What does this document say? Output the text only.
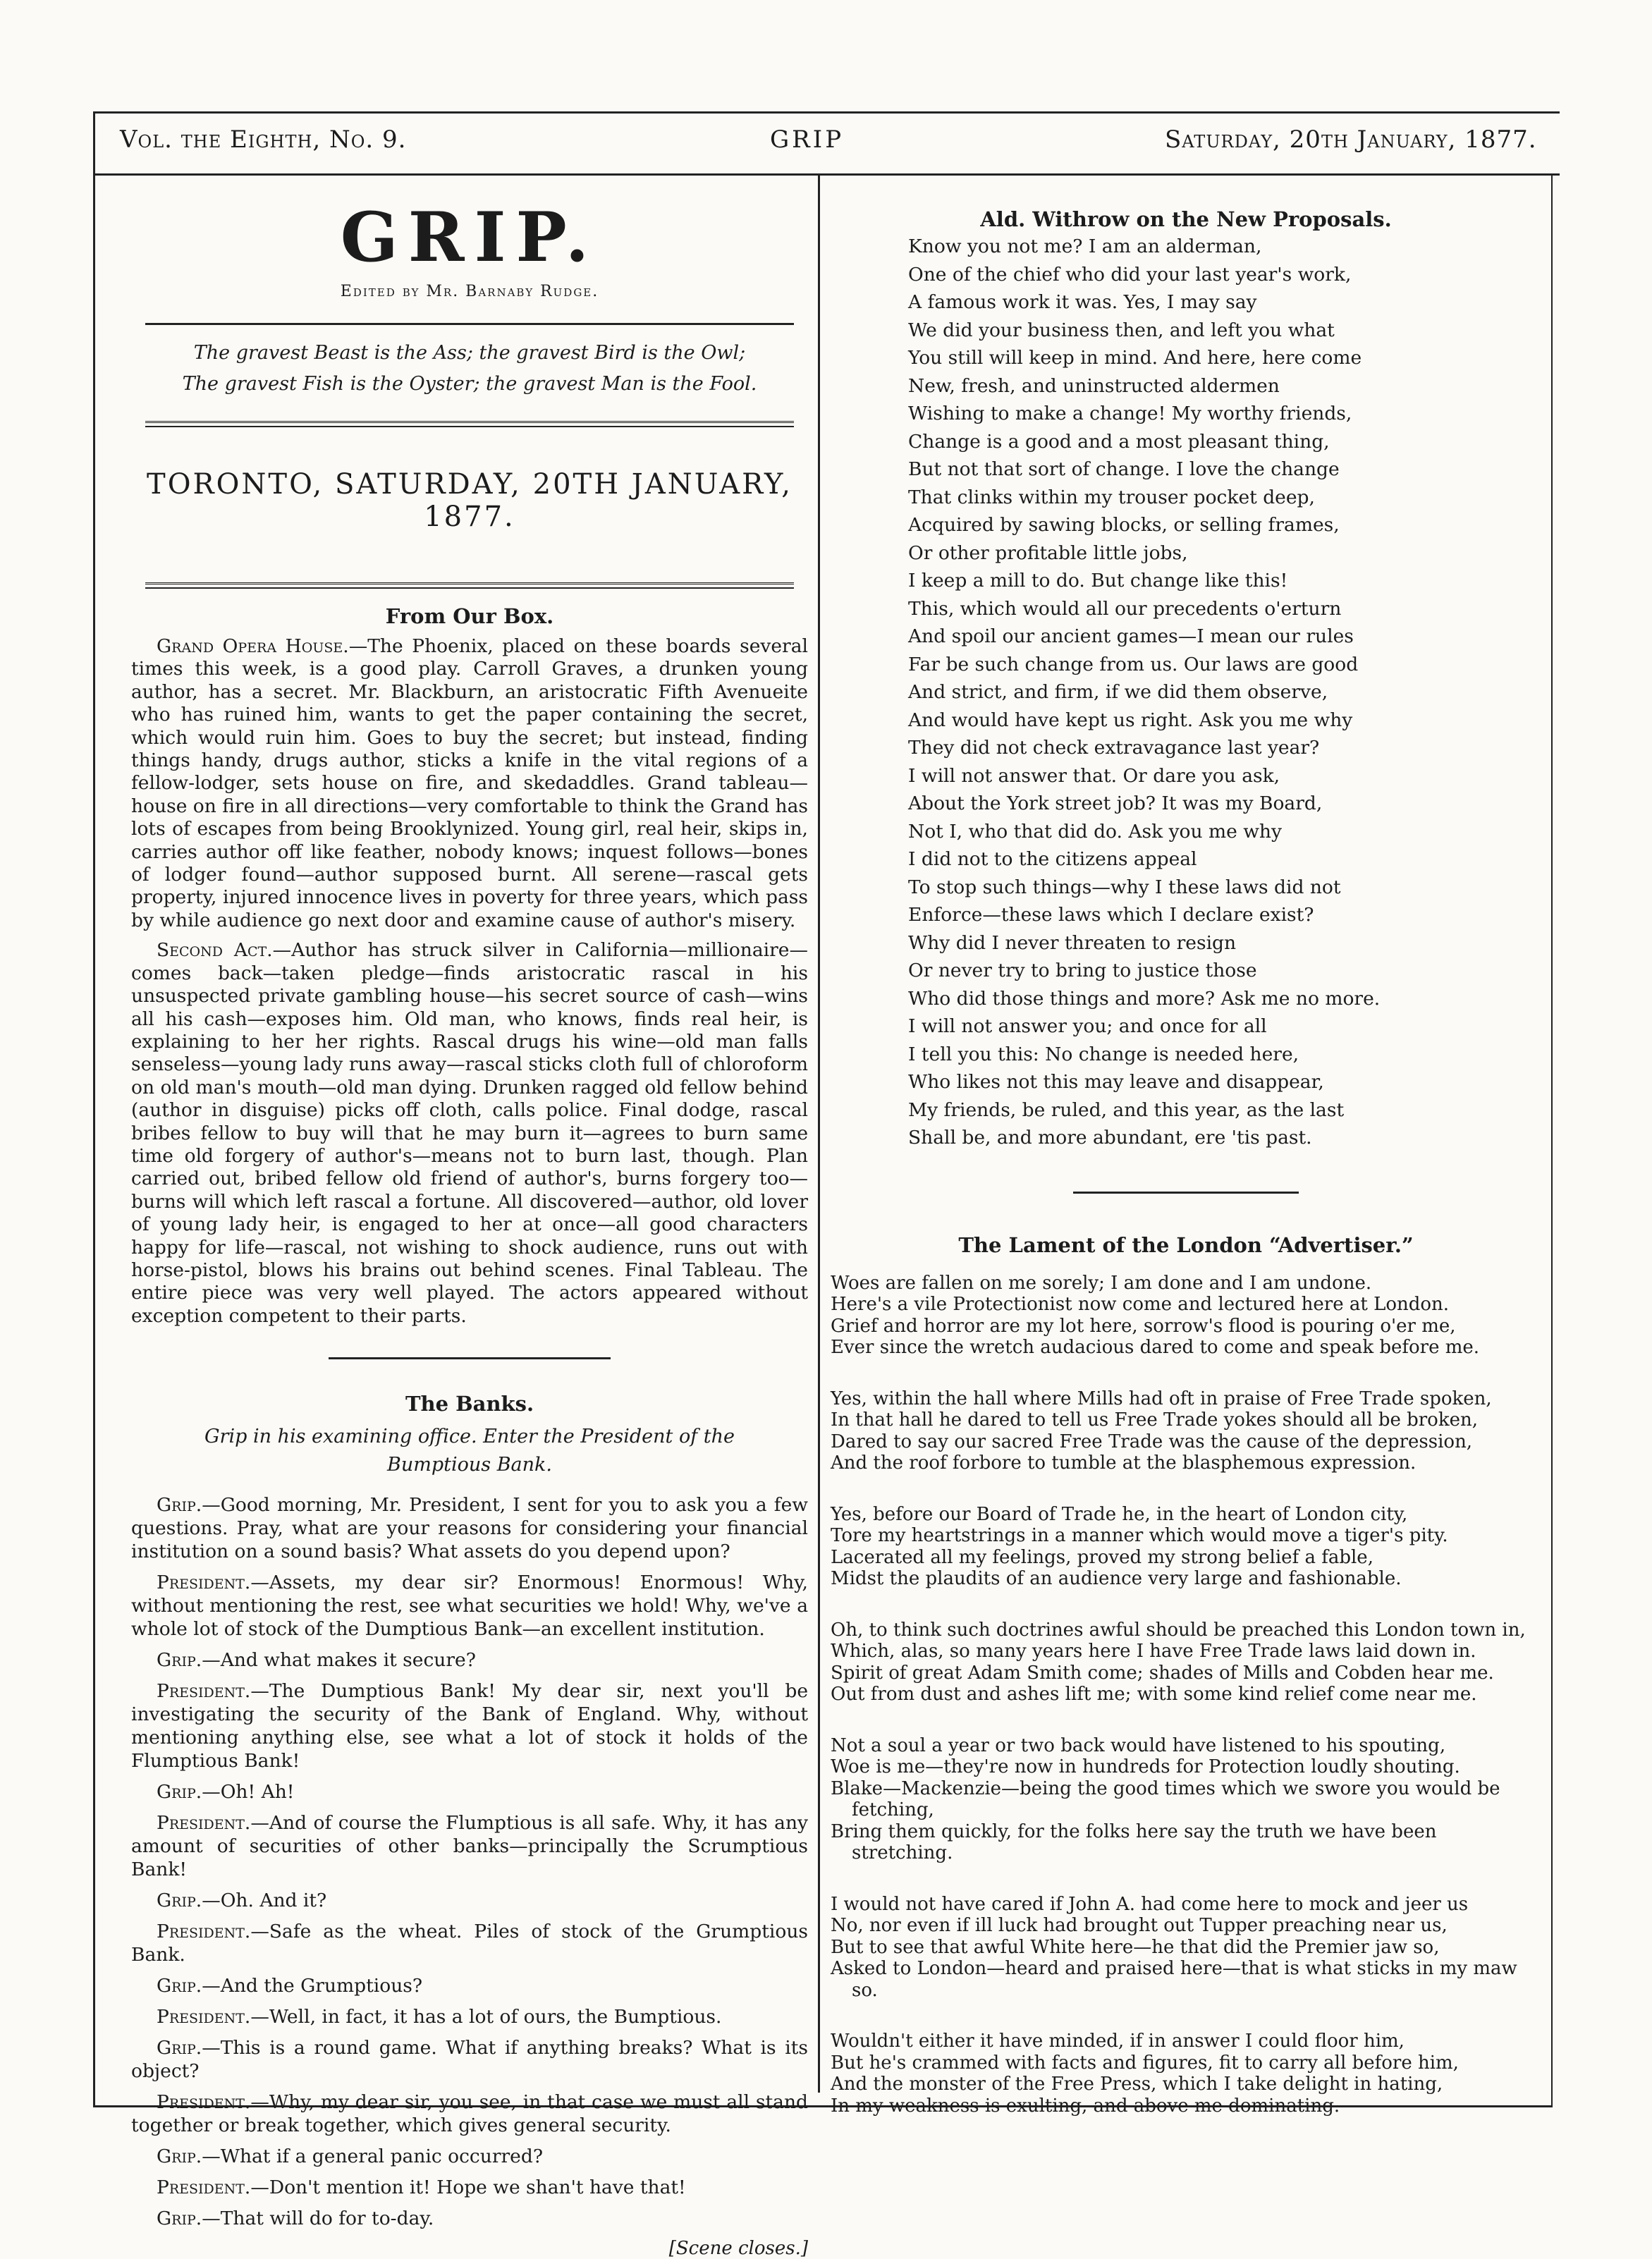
Vol. the Eighth, No. 9.	GRIP	Saturday, 20th January, 1877.
GRIP.
Edited by Mr. Barnaby Rudge.
The gravest Beast is the Ass; the gravest Bird is the Owl;
The gravest Fish is the Oyster; the gravest Man is the Fool.
TORONTO, SATURDAY, 20TH JANUARY, 1877.
From Our Box.

Grand Opera House.—The Phoenix, placed on these boards several times this week, is a good play. Carroll Graves, a drunken young author, has a secret. Mr. Blackburn, an aristocratic Fifth Avenueite who has ruined him, wants to get the paper containing the secret, which would ruin him. Goes to buy the secret; but instead, finding things handy, drugs author, sticks a knife in the vital regions of a fellow-lodger, sets house on fire, and skedaddles. Grand tableau—house on fire in all directions—very comfortable to think the Grand has lots of escapes from being Brooklynized. Young girl, real heir, skips in, carries author off like feather, nobody knows; inquest follows—bones of lodger found—author supposed burnt. All serene—rascal gets property, injured innocence lives in poverty for three years, which pass by while audience go next door and examine cause of author's misery.

Second Act.—Author has struck silver in California—millionaire—comes back—taken pledge—finds aristocratic rascal in his unsuspected private gambling house—his secret source of cash—wins all his cash—exposes him. Old man, who knows, finds real heir, is explaining to her her rights. Rascal drugs his wine—old man falls senseless—young lady runs away—rascal sticks cloth full of chloroform on old man's mouth—old man dying. Drunken ragged old fellow behind (author in disguise) picks off cloth, calls police. Final dodge, rascal bribes fellow to buy will that he may burn it—agrees to burn same time old forgery of author's—means not to burn last, though. Plan carried out, bribed fellow old friend of author's, burns forgery too—burns will which left rascal a fortune. All discovered—author, old lover of young lady heir, is engaged to her at once—all good characters happy for life—rascal, not wishing to shock audience, runs out with horse-pistol, blows his brains out behind scenes. Final Tableau. The entire piece was very well played. The actors appeared without exception competent to their parts.

The Banks.
Grip in his examining office. Enter the President of the
Bumptious Bank.

Grip.—Good morning, Mr. President, I sent for you to ask you a few questions. Pray, what are your reasons for considering your financial institution on a sound basis? What assets do you depend upon?

President.—Assets, my dear sir? Enormous! Enormous! Why, without mentioning the rest, see what securities we hold! Why, we've a whole lot of stock of the Dumptious Bank—an excellent institution.

Grip.—And what makes it secure?

President.—The Dumptious Bank! My dear sir, next you'll be investigating the security of the Bank of England. Why, without mentioning anything else, see what a lot of stock it holds of the Flumptious Bank!

Grip.—Oh! Ah!

President.—And of course the Flumptious is all safe. Why, it has any amount of securities of other banks—principally the Scrumptious Bank!

Grip.—Oh. And it?

President.—Safe as the wheat. Piles of stock of the Grumptious Bank.

Grip.—And the Grumptious?

President.—Well, in fact, it has a lot of ours, the Bumptious.

Grip.—This is a round game. What if anything breaks? What is its object?

President.—Why, my dear sir, you see, in that case we must all stand together or break together, which gives general security.

Grip.—What if a general panic occurred?

President.—Don't mention it! Hope we shan't have that!

Grip.—That will do for to-day.

[Scene closes.]
Ald. Withrow on the New Proposals.
Know you not me? I am an alderman,
One of the chief who did your last year's work,
A famous work it was. Yes, I may say
We did your business then, and left you what
You still will keep in mind. And here, here come
New, fresh, and uninstructed aldermen
Wishing to make a change! My worthy friends,
Change is a good and a most pleasant thing,
But not that sort of change. I love the change
That clinks within my trouser pocket deep,
Acquired by sawing blocks, or selling frames,
Or other profitable little jobs,
I keep a mill to do. But change like this!
This, which would all our precedents o'erturn
And spoil our ancient games—I mean our rules
Far be such change from us. Our laws are good
And strict, and firm, if we did them observe,
And would have kept us right. Ask you me why
They did not check extravagance last year?
I will not answer that. Or dare you ask,
About the York street job? It was my Board,
Not I, who that did do. Ask you me why
I did not to the citizens appeal
To stop such things—why I these laws did not
Enforce—these laws which I declare exist?
Why did I never threaten to resign
Or never try to bring to justice those
Who did those things and more? Ask me no more.
I will not answer you; and once for all
I tell you this: No change is needed here,
Who likes not this may leave and disappear,
My friends, be ruled, and this year, as the last
Shall be, and more abundant, ere 'tis past.
The Lament of the London “Advertiser.”
Woes are fallen on me sorely; I am done and I am undone.
Here's a vile Protectionist now come and lectured here at London.
Grief and horror are my lot here, sorrow's flood is pouring o'er me,
Ever since the wretch audacious dared to come and speak before me.
Yes, within the hall where Mills had oft in praise of Free Trade spoken,
In that hall he dared to tell us Free Trade yokes should all be broken,
Dared to say our sacred Free Trade was the cause of the depression,
And the roof forbore to tumble at the blasphemous expression.
Yes, before our Board of Trade he, in the heart of London city,
Tore my heartstrings in a manner which would move a tiger's pity.
Lacerated all my feelings, proved my strong belief a fable,
Midst the plaudits of an audience very large and fashionable.
Oh, to think such doctrines awful should be preached this London town in,
Which, alas, so many years here I have Free Trade laws laid down in.
Spirit of great Adam Smith come; shades of Mills and Cobden hear me.
Out from dust and ashes lift me; with some kind relief come near me.
Not a soul a year or two back would have listened to his spouting,
Woe is me—they're now in hundreds for Protection loudly shouting.
Blake—Mackenzie—being the good times which we swore you would be fetching,
Bring them quickly, for the folks here say the truth we have been stretching.
I would not have cared if John A. had come here to mock and jeer us
No, nor even if ill luck had brought out Tupper preaching near us,
But to see that awful White here—he that did the Premier jaw so,
Asked to London—heard and praised here—that is what sticks in my maw so.
Wouldn't either it have minded, if in answer I could floor him,
But he's crammed with facts and figures, fit to carry all before him,
And the monster of the Free Press, which I take delight in hating,
In my weakness is exulting, and above me dominating.
